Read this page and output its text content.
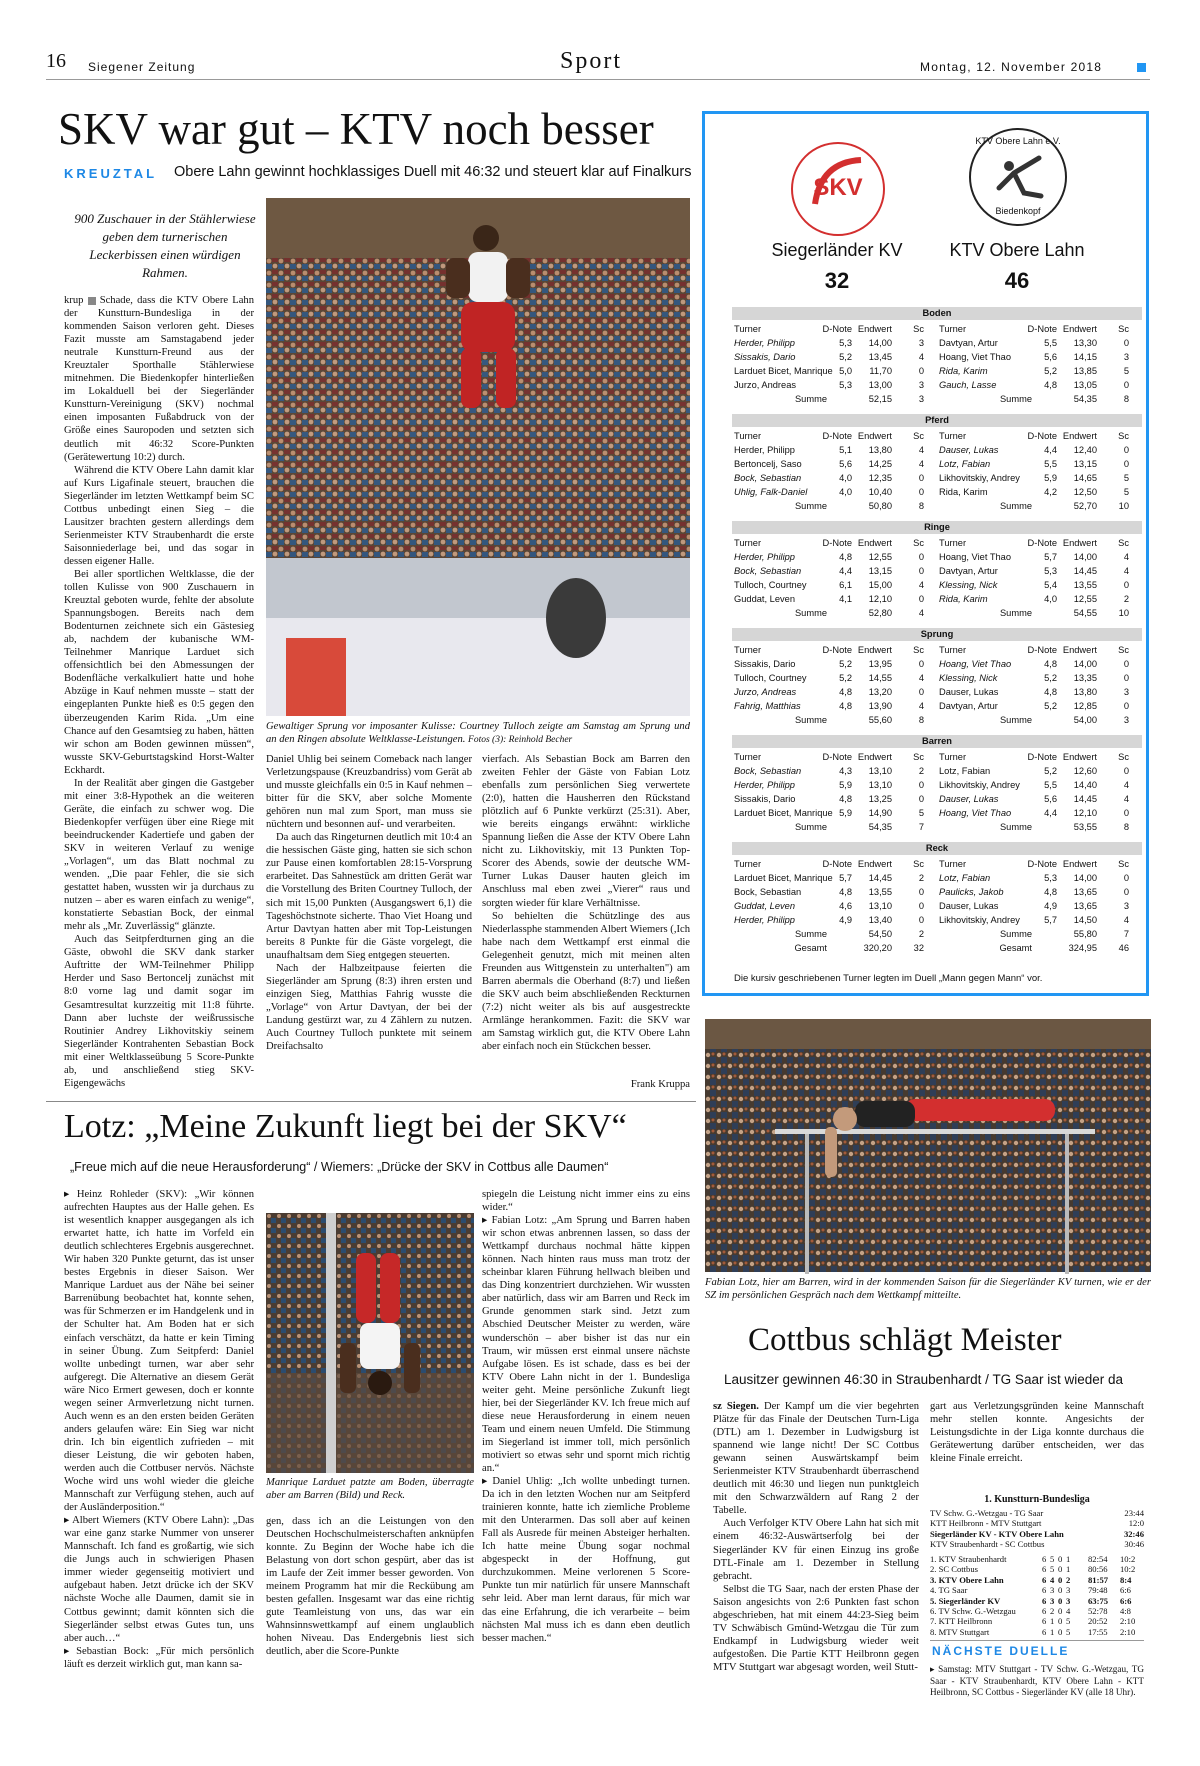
16 Siegener Zeitung	Sport	Montag, 12. November 2018
SKV war gut – KTV noch besser
KREUZTAL Obere Lahn gewinnt hochklassiges Duell mit 46:32 und steuert klar auf Finalkurs
900 Zuschauer in der Stählerwiese geben dem turnerischen Leckerbissen einen würdigen Rahmen.

krup Schade, dass die KTV Obere Lahn der Kunstturn-Bundesliga in der kommenden Saison verloren geht. Dieses Fazit musste am Samstagabend jeder neutrale Kunstturn-Freund aus der Kreuztaler Sporthalle Stählerwiese mitnehmen. Die Biedenkopfer hinterließen im Lokalduell bei der Siegerländer Kunstturn-Vereinigung (SKV) nochmal einen imposanten Fußabdruck von der Größe eines Sauropoden und setzten sich deutlich mit 46:32 Score-Punkten (Gerätewertung 10:2) durch.

Während die KTV Obere Lahn damit klar auf Kurs Ligafinale steuert, brauchen die Siegerländer im letzten Wettkampf beim SC Cottbus unbedingt einen Sieg – die Lausitzer brachten gestern allerdings dem Serienmeister KTV Straubenhardt die erste Saisonniederlage bei, und das sogar in dessen eigener Halle.

Bei aller sportlichen Weltklasse, die der tollen Kulisse von 900 Zuschauern in Kreuztal geboten wurde, fehlte der absolute Spannungsbogen. Bereits nach dem Bodenturnen zeichnete sich ein Gästesieg ab, nachdem der kubanische WM-Teilnehmer Manrique Larduet sich offensichtlich bei den Abmessungen der Bodenfläche verkalkuliert hatte und hohe Abzüge in Kauf nehmen musste – statt der eingeplanten Punkte hieß es 0:5 gegen den überzeugenden Karim Rida. „Um eine Chance auf den Gesamtsieg zu haben, hätten wir schon am Boden gewinnen müssen“, wusste SKV-Geburtstagskind Horst-Walter Eckhardt.

In der Realität aber gingen die Gastgeber mit einer 3:8-Hypothek an die weiteren Geräte, die einfach zu schwer wog. Die Biedenkopfer verfügen über eine Riege mit beeindruckender Kadertiefe und gaben der SKV in weiteren Verlauf zu wenige „Vorlagen“, um das Blatt nochmal zu wenden. „Die paar Fehler, die sie sich gestattet haben, wussten wir ja durchaus zu nutzen – aber es waren einfach zu wenige“, konstatierte Sebastian Bock, der einmal mehr als „Mr. Zuverlässig“ glänzte.

Auch das Seitpferdturnen ging an die Gäste, obwohl die SKV dank starker Auftritte der WM-Teilnehmer Philipp Herder und Saso Bertoncelj zunächst mit 8:0 vorne lag und damit sogar im Gesamtresultat kurzzeitig mit 11:8 führte. Dann aber luchste der weißrussische Routinier Andrey Likhovitskiy seinem Siegerländer Kontrahenten Sebastian Bock mit einer Weltklasseübung 5 Score-Punkte ab, und anschließend stieg SKV-Eigengewächs

Gewaltiger Sprung vor imposanter Kulisse: Courtney Tulloch zeigte am Samstag am Sprung und an den Ringen absolute Weltklasse-Leistungen. Fotos (3): Reinhold Becher

Daniel Uhlig bei seinem Comeback nach langer Verletzungspause (Kreuzbandriss) vom Gerät ab und musste gleichfalls ein 0:5 in Kauf nehmen – bitter für die SKV, aber solche Momente gehören nun mal zum Sport, man muss sie nüchtern und besonnen auf- und verarbeiten.

Da auch das Ringeturnen deutlich mit 10:4 an die hessischen Gäste ging, hatten sie sich schon zur Pause einen komfortablen 28:15-Vorsprung erarbeitet. Das Sahnestück am dritten Gerät war die Vorstellung des Briten Courtney Tulloch, der sich mit 15,00 Punkten (Ausgangswert 6,1) die Tageshöchstnote sicherte. Thao Viet Hoang und Artur Davtyan hatten aber mit Top-Leistungen bereits 8 Punkte für die Gäste vorgelegt, die unaufhaltsam dem Sieg entgegen steuerten.

Nach der Halbzeitpause feierten die Siegerländer am Sprung (8:3) ihren ersten und einzigen Sieg, Matthias Fahrig wusste die „Vorlage“ von Artur Davtyan, der bei der Landung gestürzt war, zu 4 Zählern zu nutzen. Auch Courtney Tulloch punktete mit seinem Dreifachsalto

vierfach. Als Sebastian Bock am Barren den zweiten Fehler der Gäste von Fabian Lotz ebenfalls zum persönlichen Sieg verwertete (2:0), hatten die Hausherren den Rückstand plötzlich auf 6 Punkte verkürzt (25:31). Aber, wie bereits eingangs erwähnt: wirkliche Spannung ließen die Asse der KTV Obere Lahn nicht zu. Likhovitskiy, mit 13 Punkten Top-Scorer des Abends, sowie der deutsche WM-Turner Lukas Dauser hauten gleich im Anschluss mal eben zwei „Vierer“ raus und sorgten wieder für klare Verhältnisse.

So behielten die Schützlinge des aus Niederlassphe stammenden Albert Wiemers (,Ich habe nach dem Wettkampf erst einmal die Gelegenheit genutzt, mich mit meinen alten Freunden aus Wittgenstein zu unterhalten") am Barren abermals die Oberhand (8:7) und ließen die SKV auch beim abschließenden Reckturnen (7:2) nicht weiter als bis auf ausgestreckte Armlänge herankommen. Fazit: die SKV war am Samstag wirklich gut, die KTV Obere Lahn aber einfach noch ein Stückchen besser.

Frank Kruppa
SKV
KTV Obere Lahn e.V.
Biedenkopf
Siegerländer KV	KTV Obere Lahn
32	46
Boden
Turner	D-Note Endwert Sc
Herder, Philipp	5,3 14,00	3
Sissakis, Dario	5,2 13,45	4
Larduet Bicet, Manrique 5,0 11,70	0
Jurzo, Andreas	5,3 13,00	3
Summe	52,15	3
Turner	D-Note Endwert Sc
Davtyan, Artur	5,5 13,30	0
Hoang, Viet Thao	5,6 14,15	3
Rida, Karim	5,2 13,85	5
Gauch, Lasse	4,8 13,05	0
Summe	54,35	8
Pferd
Turner	D-Note Endwert Sc
Herder, Philipp	5,1 13,80	4
Bertoncelj, Saso	5,6 14,25	4
Bock, Sebastian	4,0 12,35	0
Uhlig, Falk-Daniel	4,0 10,40	0
Summe	50,80	8
Turner	D-Note Endwert Sc
Dauser, Lukas	4,4 12,40	0
Lotz, Fabian	5,5 13,15	0
Likhovitskiy, Andrey	5,9 14,65	5
Rida, Karim	4,2 12,50	5
Summe	52,70 10
Ringe
Turner	D-Note Endwert Sc
Herder, Philipp	4,8 12,55	0
Bock, Sebastian	4,4 13,15	0
Tulloch, Courtney	6,1 15,00	4
Guddat, Leven	4,1 12,10	0
Summe	52,80	4
Turner	D-Note Endwert Sc
Hoang, Viet Thao	5,7 14,00	4
Davtyan, Artur	5,3 14,45	4
Klessing, Nick	5,4 13,55	0
Rida, Karim	4,0 12,55	2
Summe	54,55 10
Sprung
Turner	D-Note Endwert Sc
Sissakis, Dario	5,2 13,95	0
Tulloch, Courtney	5,2 14,55	4
Jurzo, Andreas	4,8 13,20	0
Fahrig, Matthias	4,8 13,90	4
Summe	55,60	8
Turner	D-Note Endwert Sc
Hoang, Viet Thao	4,8 14,00	0
Klessing, Nick	5,2 13,35	0
Dauser, Lukas	4,8 13,80	3
Davtyan, Artur	5,2 12,85	0
Summe	54,00	3
Barren
Turner	D-Note Endwert Sc
Bock, Sebastian	4,3 13,10	2
Herder, Philipp	5,9 13,10	0
Sissakis, Dario	4,8 13,25	0
Larduet Bicet, Manrique 5,9 14,90	5
Summe	54,35	7
Turner	D-Note Endwert Sc
Lotz, Fabian	5,2 12,60	0
Likhovitskiy, Andrey	5,5 14,40	4
Dauser, Lukas	5,6 14,45	4
Hoang, Viet Thao	4,4 12,10	0
Summe	53,55	8
Reck
Turner	D-Note Endwert Sc
Larduet Bicet, Manrique 5,7 14,45	2
Bock, Sebastian	4,8 13,55	0
Guddat, Leven	4,6 13,10	0
Herder, Philipp	4,9 13,40	0
Summe	54,50	2
Gesamt	320,20 32
Turner	D-Note Endwert Sc
Lotz, Fabian	5,3 14,00	0
Paulicks, Jakob	4,8 13,65	0
Dauser, Lukas	4,9 13,65	3
Likhovitskiy, Andrey	5,7 14,50	4
Summe	55,80	7
Gesamt	324,95 46
Die kursiv geschriebenen Turner legten im Duell „Mann gegen Mann“ vor.
Lotz: „Meine Zukunft liegt bei der SKV“
„Freue mich auf die neue Herausforderung“ / Wiemers: „Drücke der SKV in Cottbus alle Daumen“

▸ Heinz Rohleder (SKV): „Wir können aufrechten Hauptes aus der Halle gehen. Es ist wesentlich knapper ausgegangen als ich erwartet hatte, ich hatte im Vorfeld ein deutlich schlechteres Ergebnis ausgerechnet. Wir haben 320 Punkte geturnt, das ist unser bestes Ergebnis in dieser Saison. Wer Manrique Larduet aus der Nähe bei seiner Barrenübung beobachtet hat, konnte sehen, was für Schmerzen er im Handgelenk und in der Schulter hat. Am Boden hat er sich einfach verschätzt, da hatte er kein Timing in seiner Übung. Zum Seitpferd: Daniel wollte unbedingt turnen, war aber sehr aufgeregt. Die Alternative an diesem Gerät wäre Nico Ermert gewesen, doch er konnte wegen seiner Armverletzung nicht turnen. Auch wenn es an den ersten beiden Geräten anders gelaufen wäre: Ein Sieg war nicht drin. Ich bin eigentlich zufrieden – mit dieser Leistung, die wir geboten haben, werden auch die Cottbuser nervös. Nächste Woche wird uns wohl wieder die gleiche Mannschaft zur Verfügung stehen, auch auf der Ausländerposition.“

▸ Albert Wiemers (KTV Obere Lahn): „Das war eine ganz starke Nummer von unserer Mannschaft. Ich fand es großartig, wie sich die Jungs auch in schwierigen Phasen immer wieder gegenseitig motiviert und aufgebaut haben. Jetzt drücke ich der SKV nächste Woche alle Daumen, damit sie in Cottbus gewinnt; damit könnten sich die Siegerländer selbst etwas Gutes tun, uns aber auch…“

▸ Sebastian Bock: „Für mich persönlich läuft es derzeit wirklich gut, man kann sa-

Manrique Larduet patzte am Boden, überragte aber am Barren (Bild) und Reck.

gen, dass ich an die Leistungen von den Deutschen Hochschulmeisterschaften anknüpfen konnte. Zu Beginn der Woche habe ich die Belastung von dort schon gespürt, aber das ist im Laufe der Zeit immer besser geworden. Von meinem Programm hat mir die Reckübung am besten gefallen. Insgesamt war das eine richtig gute Teamleistung von uns, das war ein Wahnsinnswettkampf auf einem unglaublich hohen Niveau. Das Endergebnis liest sich deutlich, aber die Score-Punkte

spiegeln die Leistung nicht immer eins zu eins wider.“

▸ Fabian Lotz: „Am Sprung und Barren haben wir schon etwas anbrennen lassen, so dass der Wettkampf durchaus nochmal hätte kippen können. Nach hinten raus muss man trotz der scheinbar klaren Führung hellwach bleiben und das Ding konzentriert durchziehen. Wir wussten aber natürlich, dass wir am Barren und Reck im Grunde genommen stark sind. Jetzt zum Abschied Deutscher Meister zu werden, wäre wunderschön – aber bisher ist das nur ein Traum, wir müssen erst einmal unsere nächste Aufgabe lösen. Es ist schade, dass es bei der KTV Obere Lahn nicht in der 1. Bundesliga weiter geht. Meine persönliche Zukunft liegt hier, bei der Siegerländer KV. Ich freue mich auf diese neue Herausforderung in einem neuen Team und einem neuen Umfeld. Die Stimmung im Siegerland ist immer toll, mich persönlich motiviert so etwas sehr und spornt mich richtig an.“

▸ Daniel Uhlig: „Ich wollte unbedingt turnen. Da ich in den letzten Wochen nur am Seitpferd trainieren konnte, hatte ich ziemliche Probleme mit den Unterarmen. Das soll aber auf keinen Fall als Ausrede für meinen Absteiger herhalten. Ich hatte meine Übung sogar nochmal abgespeckt in der Hoffnung, gut durchzukommen. Meine verlorenen 5 Score-Punkte tun mir natürlich für unsere Mannschaft sehr leid. Aber man lernt daraus, für mich war das eine Erfahrung, die ich verarbeite – beim nächsten Mal muss ich es dann eben deutlich besser machen.“

Fabian Lotz, hier am Barren, wird in der kommenden Saison für die Siegerländer KV turnen, wie er der SZ im persönlichen Gespräch nach dem Wettkampf mitteilte.
Cottbus schlägt Meister
Lausitzer gewinnen 46:30 in Straubenhardt / TG Saar ist wieder da

sz Siegen. Der Kampf um die vier begehrten Plätze für das Finale der Deutschen Turn-Liga (DTL) am 1. Dezember in Ludwigsburg ist spannend wie lange nicht! Der SC Cottbus gewann seinen Auswärtskampf beim Serienmeister KTV Straubenhardt überraschend deutlich mit 46:30 und liegen nun punktgleich mit den Schwarzwäldern auf Rang 2 der Tabelle.

Auch Verfolger KTV Obere Lahn hat sich mit einem 46:32-Auswärtserfolg bei der Siegerländer KV für einen Einzug ins große DTL-Finale am 1. Dezember in Stellung gebracht.

Selbst die TG Saar, nach der ersten Phase der Saison angesichts von 2:6 Punkten fast schon abgeschrieben, hat mit einem 44:23-Sieg beim TV Schwäbisch Gmünd-Wetzgau die Tür zum Endkampf in Ludwigsburg wieder weit aufgestoßen. Die Partie KTT Heilbronn gegen MTV Stuttgart war abgesagt worden, weil Stutt-

gart aus Verletzungsgründen keine Mannschaft mehr stellen konnte. Angesichts der Leistungsdichte in der Liga konnte durchaus die Gerätewertung darüber entscheiden, wer das kleine Finale erreicht.

1. Kunstturn-Bundesliga
TV Schw. G.-Wetzgau - TG Saar	23:44
KTT Heilbronn - MTV Stuttgart	12:0
Siegerländer KV - KTV Obere Lahn	32:46
KTV Straubenhardt - SC Cottbus	30:46
1. KTV Straubenhardt	6 5 0 1 82:54 10:2
2. SC Cottbus	6 5 0 1 80:56 10:2
3. KTV Obere Lahn	6 4 0 2 81:57 8:4
4. TG Saar	6 3 0 3 79:48 6:6
5. Siegerländer KV	6 3 0 3 63:75 6:6
6. TV Schw. G.-Wetzgau	6 2 0 4 52:78 4:8
7. KTT Heilbronn	6 1 0 5 20:52 2:10
8. MTV Stuttgart	6 1 0 5 17:55 2:10
NÄCHSTE DUELLE
▸ Samstag: MTV Stuttgart - TV Schw. G.-Wetzgau, TG Saar - KTV Straubenhardt, KTV Obere Lahn - KTT Heilbronn, SC Cottbus - Siegerländer KV (alle 18 Uhr).
